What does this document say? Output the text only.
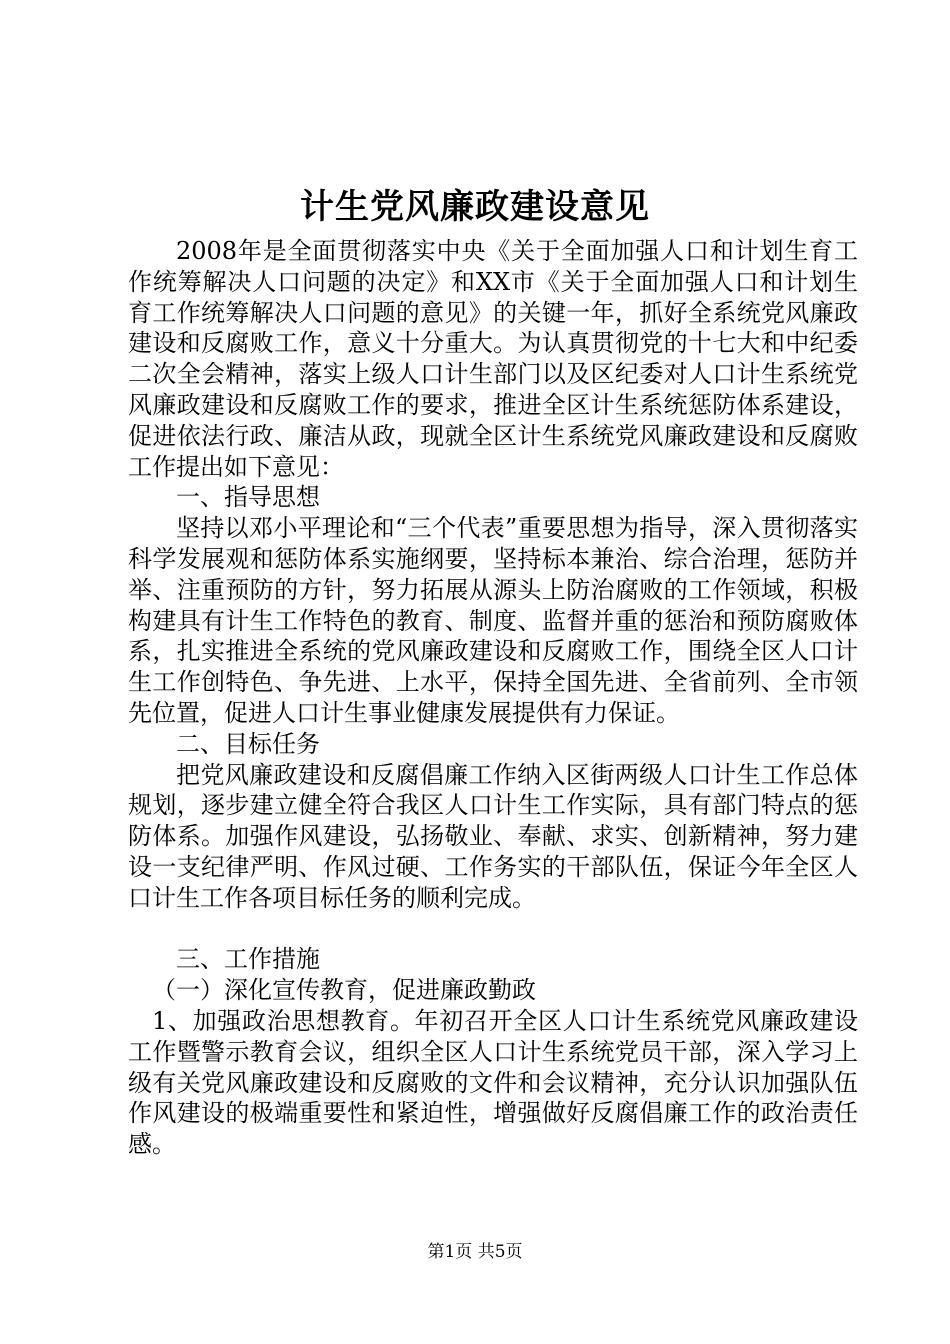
计生党风廉政建设意见

2008年是全面贯彻落实中央《关于全面加强人口和计划生育工作统筹解决人口问题的决定》和XX市《关于全面加强人口和计划生育工作统筹解决人口问题的意见》的关键一年，抓好全系统党风廉政建设和反腐败工作，意义十分重大。为认真贯彻党的十七大和中纪委二次全会精神，落实上级人口计生部门以及区纪委对人口计生系统党风廉政建设和反腐败工作的要求，推进全区计生系统惩防体系建设，促进依法行政、廉洁从政，现就全区计生系统党风廉政建设和反腐败工作提出如下意见：

一、指导思想

坚持以邓小平理论和“三个代表”重要思想为指导，深入贯彻落实科学发展观和惩防体系实施纲要，坚持标本兼治、综合治理，惩防并举、注重预防的方针，努力拓展从源头上防治腐败的工作领域，积极构建具有计生工作特色的教育、制度、监督并重的惩治和预防腐败体系，扎实推进全系统的党风廉政建设和反腐败工作，围绕全区人口计生工作创特色、争先进、上水平，保持全国先进、全省前列、全市领先位置，促进人口计生事业健康发展提供有力保证。

二、目标任务

把党风廉政建设和反腐倡廉工作纳入区街两级人口计生工作总体规划，逐步建立健全符合我区人口计生工作实际，具有部门特点的惩防体系。加强作风建设，弘扬敬业、奉献、求实、创新精神，努力建设一支纪律严明、作风过硬、工作务实的干部队伍，保证今年全区人口计生工作各项目标任务的顺利完成。

三、工作措施

（一）深化宣传教育，促进廉政勤政

1、加强政治思想教育。年初召开全区人口计生系统党风廉政建设工作暨警示教育会议，组织全区人口计生系统党员干部，深入学习上级有关党风廉政建设和反腐败的文件和会议精神，充分认识加强队伍作风建设的极端重要性和紧迫性，增强做好反腐倡廉工作的政治责任感。

第1页 共5页
